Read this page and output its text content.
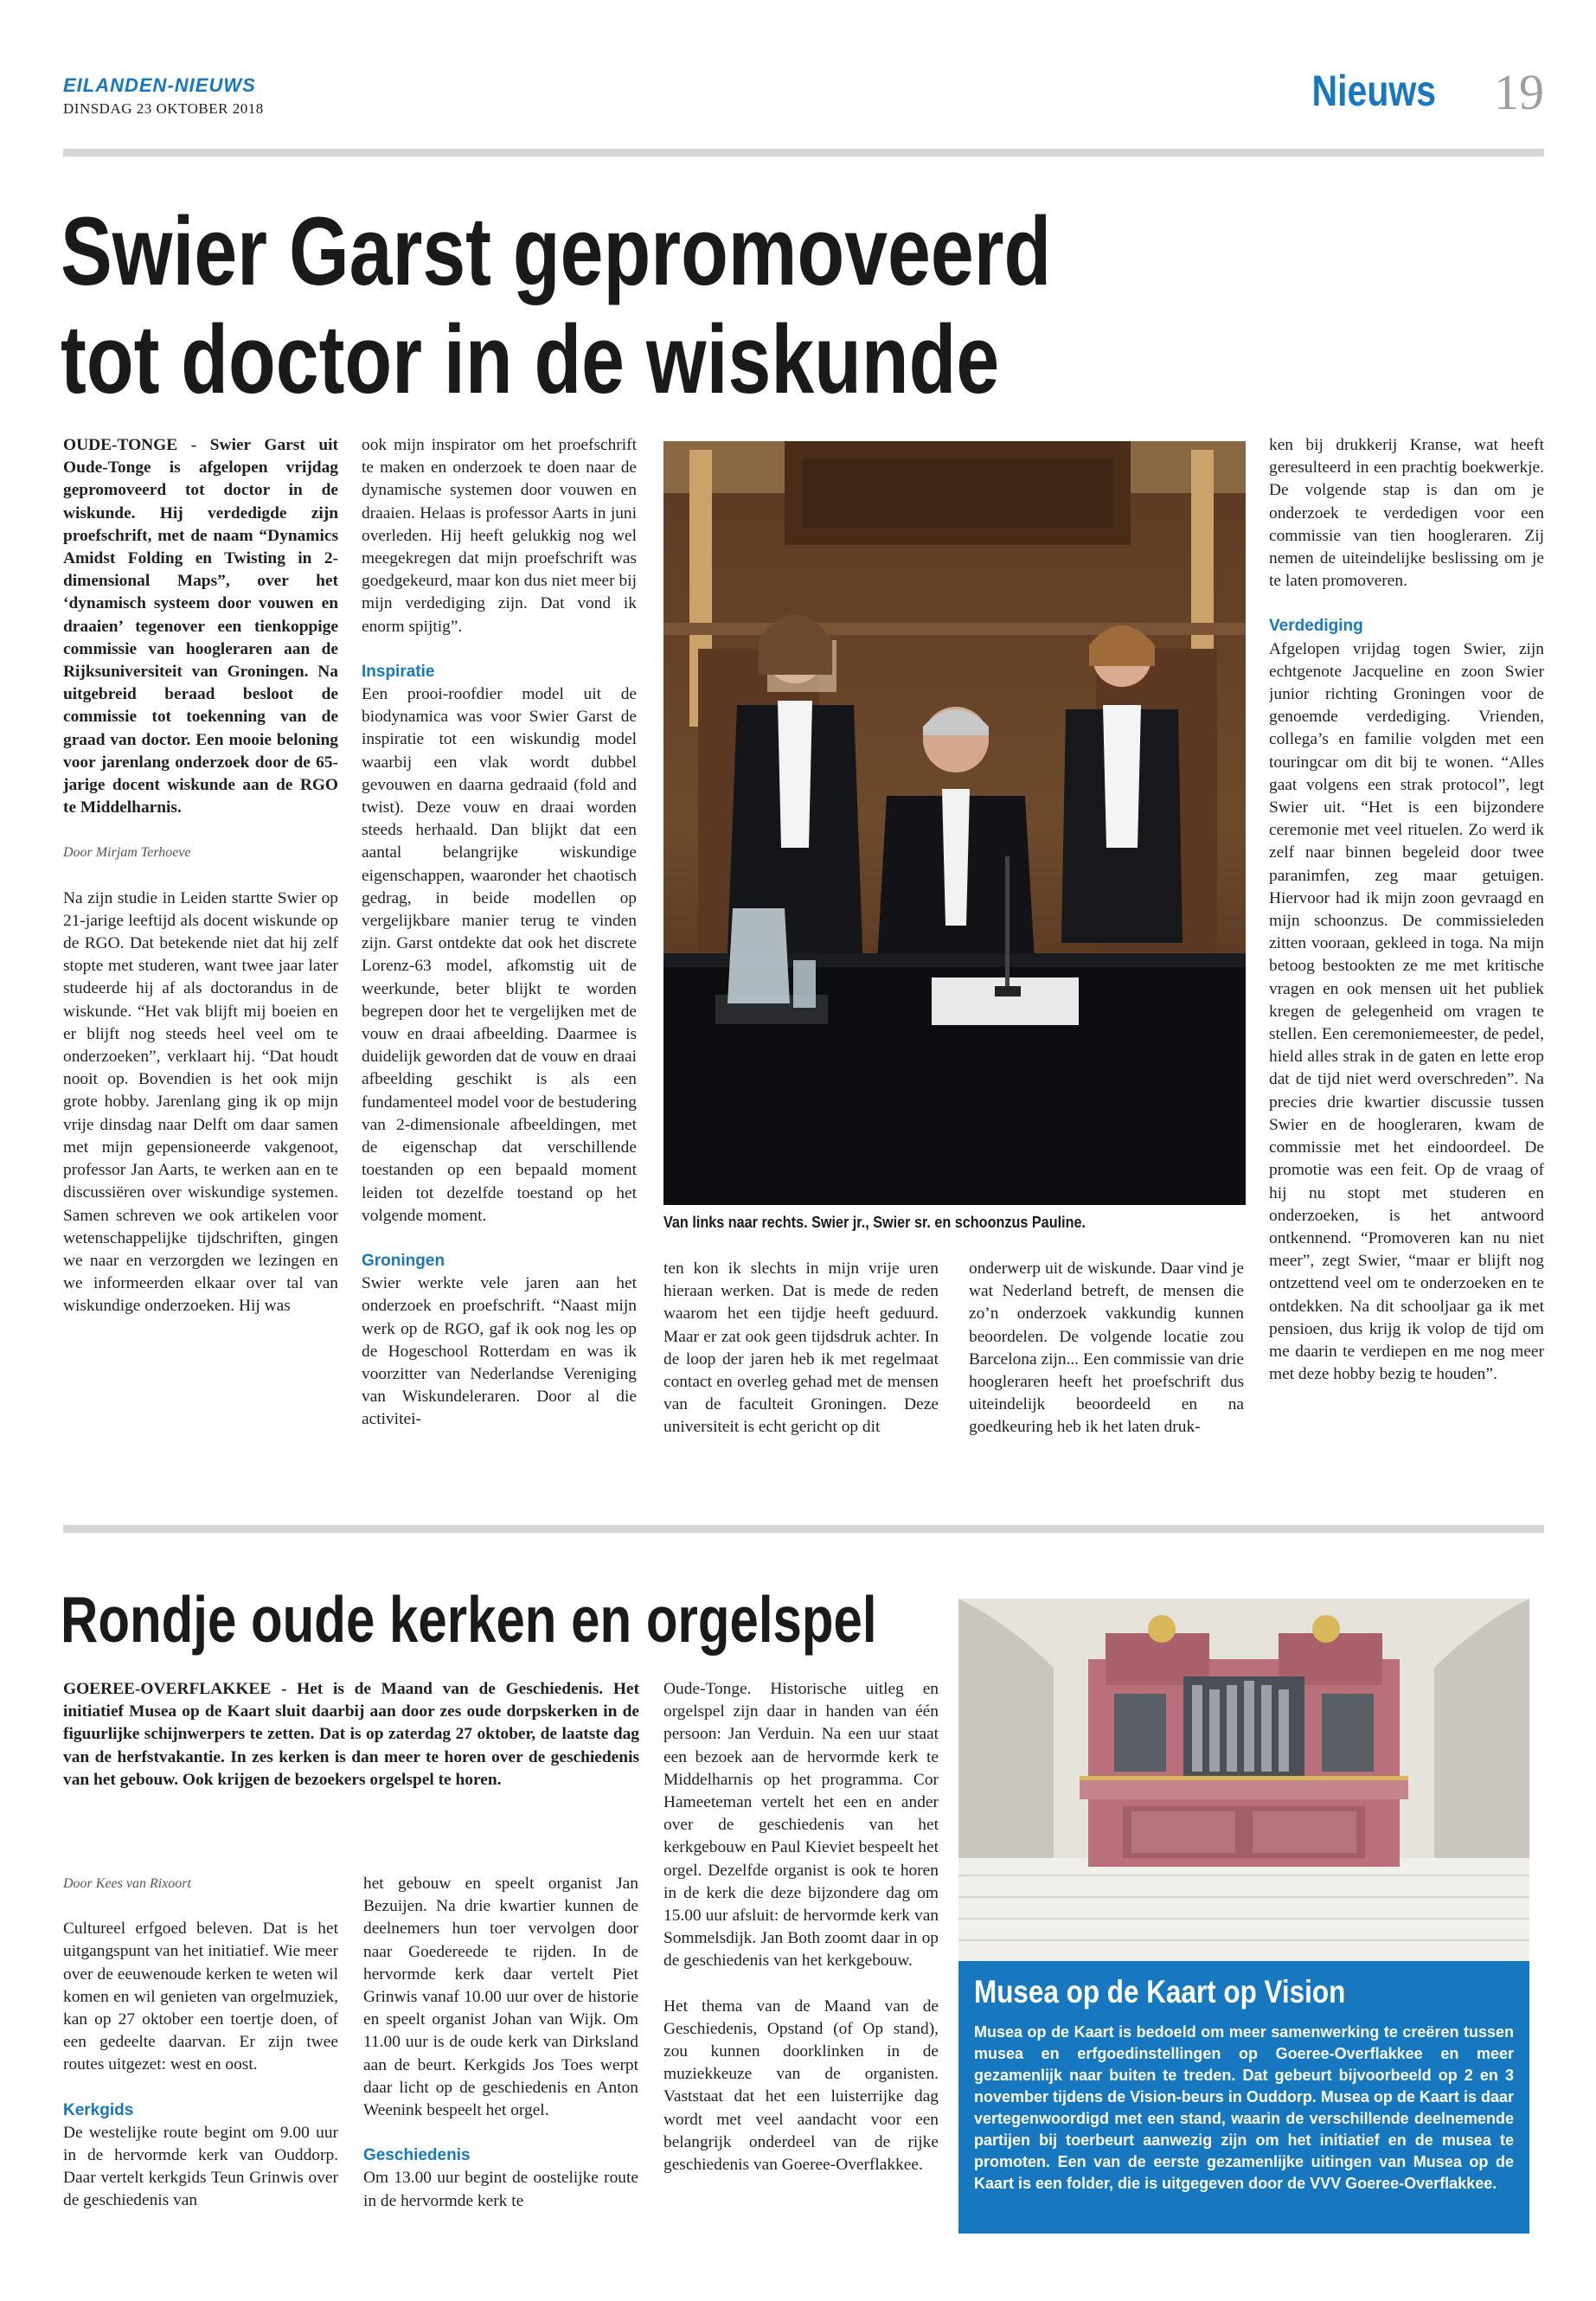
EILANDEN-NIEUWS
DINSDAG 23 OKTOBER 2018	Nieuws 19
Swier Garst gepromoveerd
tot doctor in de wiskunde

OUDE-TONGE - Swier Garst uit Oude-Tonge is afgelopen vrijdag gepromoveerd tot doctor in de wiskunde. Hij verdedigde zijn proefschrift, met de naam “Dynamics Amidst Folding en Twisting in 2-dimensional Maps”, over het ‘dynamisch systeem door vouwen en draaien’ tegenover een tienkoppige commissie van hoogleraren aan de Rijksuniversiteit van Groningen. Na uitgebreid beraad besloot de commissie tot toekenning van de graad van doctor. Een mooie beloning voor jarenlang onderzoek door de 65-jarige docent wiskunde aan de RGO te Middelharnis.

Door Mirjam Terhoeve

Na zijn studie in Leiden startte Swier op 21-jarige leeftijd als docent wiskunde op de RGO. Dat betekende niet dat hij zelf stopte met studeren, want twee jaar later studeerde hij af als doctorandus in de wiskunde. “Het vak blijft mij boeien en er blijft nog steeds heel veel om te onderzoeken”, verklaart hij. “Dat houdt nooit op. Bovendien is het ook mijn grote hobby. Jarenlang ging ik op mijn vrije dinsdag naar Delft om daar samen met mijn gepensioneerde vakgenoot, professor Jan Aarts, te werken aan en te discussiëren over wiskundige systemen. Samen schreven we ook artikelen voor wetenschappelijke tijdschriften, gingen we naar en verzorgden we lezingen en we informeerden elkaar over tal van wiskundige onderzoeken. Hij was

ook mijn inspirator om het proefschrift te maken en onderzoek te doen naar de dynamische systemen door vouwen en draaien. Helaas is professor Aarts in juni overleden. Hij heeft gelukkig nog wel meegekregen dat mijn proefschrift was goedgekeurd, maar kon dus niet meer bij mijn verdediging zijn. Dat vond ik enorm spijtig”.

Inspiratie
Een prooi-roofdier model uit de biodynamica was voor Swier Garst de inspiratie tot een wiskundig model waarbij een vlak wordt dubbel gevouwen en daarna gedraaid (fold and twist). Deze vouw en draai worden steeds herhaald. Dan blijkt dat een aantal belangrijke wiskundige eigenschappen, waaronder het chaotisch gedrag, in beide modellen op vergelijkbare manier terug te vinden zijn. Garst ontdekte dat ook het discrete Lorenz-63 model, afkomstig uit de weerkunde, beter blijkt te worden begrepen door het te vergelijken met de vouw en draai afbeelding. Daarmee is duidelijk geworden dat de vouw en draai afbeelding geschikt is als een fundamenteel model voor de bestudering van 2-dimensionale afbeeldingen, met de eigenschap dat verschillende toestanden op een bepaald moment leiden tot dezelfde toestand op het volgende moment.

Groningen
Swier werkte vele jaren aan het onderzoek en proefschrift. “Naast mijn werk op de RGO, gaf ik ook nog les op de Hogeschool Rotterdam en was ik voorzitter van Nederlandse Vereniging van Wiskundeleraren. Door al die activitei-

Van links naar rechts. Swier jr., Swier sr. en schoonzus Pauline.

ten kon ik slechts in mijn vrije uren hieraan werken. Dat is mede de reden waarom het een tijdje heeft geduurd. Maar er zat ook geen tijdsdruk achter. In de loop der jaren heb ik met regelmaat contact en overleg gehad met de mensen van de faculteit Groningen. Deze universiteit is echt gericht op dit

onderwerp uit de wiskunde. Daar vind je wat Nederland betreft, de mensen die zo’n onderzoek vakkundig kunnen beoordelen. De volgende locatie zou Barcelona zijn... Een commissie van drie hoogleraren heeft het proefschrift dus uiteindelijk beoordeeld en na goedkeuring heb ik het laten druk-

ken bij drukkerij Kranse, wat heeft geresulteerd in een prachtig boekwerkje. De volgende stap is dan om je onderzoek te verdedigen voor een commissie van tien hoogleraren. Zij nemen de uiteindelijke beslissing om je te laten promoveren.

Verdediging
Afgelopen vrijdag togen Swier, zijn echtgenote Jacqueline en zoon Swier junior richting Groningen voor de genoemde verdediging. Vrienden, collega’s en familie volgden met een touringcar om dit bij te wonen. “Alles gaat volgens een strak protocol”, legt Swier uit. “Het is een bijzondere ceremonie met veel rituelen. Zo werd ik zelf naar binnen begeleid door twee paranimfen, zeg maar getuigen. Hiervoor had ik mijn zoon gevraagd en mijn schoonzus. De commissieleden zitten vooraan, gekleed in toga. Na mijn betoog bestookten ze me met kritische vragen en ook mensen uit het publiek kregen de gelegenheid om vragen te stellen. Een ceremoniemeester, de pedel, hield alles strak in de gaten en lette erop dat de tijd niet werd overschreden”. Na precies drie kwartier discussie tussen Swier en de hoogleraren, kwam de commissie met het eindoordeel. De promotie was een feit. Op de vraag of hij nu stopt met studeren en onderzoeken, is het antwoord ontkennend. “Promoveren kan nu niet meer”, zegt Swier, “maar er blijft nog ontzettend veel om te onderzoeken en te ontdekken. Na dit schooljaar ga ik met pensioen, dus krijg ik volop de tijd om me daarin te verdiepen en me nog meer met deze hobby bezig te houden”.

Rondje oude kerken en orgelspel

GOEREE-OVERFLAKKEE - Het is de Maand van de Geschiedenis. Het initiatief Musea op de Kaart sluit daarbij aan door zes oude dorpskerken in de figuurlijke schijnwerpers te zetten. Dat is op zaterdag 27 oktober, de laatste dag van de herfstvakantie. In zes kerken is dan meer te horen over de geschiedenis van het gebouw. Ook krijgen de bezoekers orgelspel te horen.

Door Kees van Rixoort

Cultureel erfgoed beleven. Dat is het uitgangspunt van het initiatief. Wie meer over de eeuwenoude kerken te weten wil komen en wil genieten van orgelmuziek, kan op 27 oktober een toertje doen, of een gedeelte daarvan. Er zijn twee routes uitgezet: west en oost.

Kerkgids
De westelijke route begint om 9.00 uur in de hervormde kerk van Ouddorp. Daar vertelt kerkgids Teun Grinwis over de geschiedenis van

het gebouw en speelt organist Jan Bezuijen. Na drie kwartier kunnen de deelnemers hun toer vervolgen door naar Goedereede te rijden. In de hervormde kerk daar vertelt Piet Grinwis vanaf 10.00 uur over de historie en speelt organist Johan van Wijk. Om 11.00 uur is de oude kerk van Dirksland aan de beurt. Kerkgids Jos Toes werpt daar licht op de geschiedenis en Anton Weenink bespeelt het orgel.

Geschiedenis
Om 13.00 uur begint de oostelijke route in de hervormde kerk te

Oude-Tonge. Historische uitleg en orgelspel zijn daar in handen van één persoon: Jan Verduin. Na een uur staat een bezoek aan de hervormde kerk te Middelharnis op het programma. Cor Hameeteman vertelt het een en ander over de geschiedenis van het kerkgebouw en Paul Kieviet bespeelt het orgel. Dezelfde organist is ook te horen in de kerk die deze bijzondere dag om 15.00 uur afsluit: de hervormde kerk van Sommelsdijk. Jan Both zoomt daar in op de geschiedenis van het kerkgebouw.

Het thema van de Maand van de Geschiedenis, Opstand (of Op stand), zou kunnen doorklinken in de muziekkeuze van de organisten. Vaststaat dat het een luisterrijke dag wordt met veel aandacht voor een belangrijk onderdeel van de rijke geschiedenis van Goeree-Overflakkee.

Musea op de Kaart op Vision
Musea op de Kaart is bedoeld om meer samenwerking te creëren tussen musea en erfgoedinstellingen op Goeree-Overflakkee en meer gezamenlijk naar buiten te treden. Dat gebeurt bijvoorbeeld op 2 en 3 november tijdens de Vision-beurs in Ouddorp. Musea op de Kaart is daar vertegenwoordigd met een stand, waarin de verschillende deelnemende partijen bij toerbeurt aanwezig zijn om het initiatief en de musea te promoten. Een van de eerste gezamenlijke uitingen van Musea op de Kaart is een folder, die is uitgegeven door de VVV Goeree-Overflakkee.
